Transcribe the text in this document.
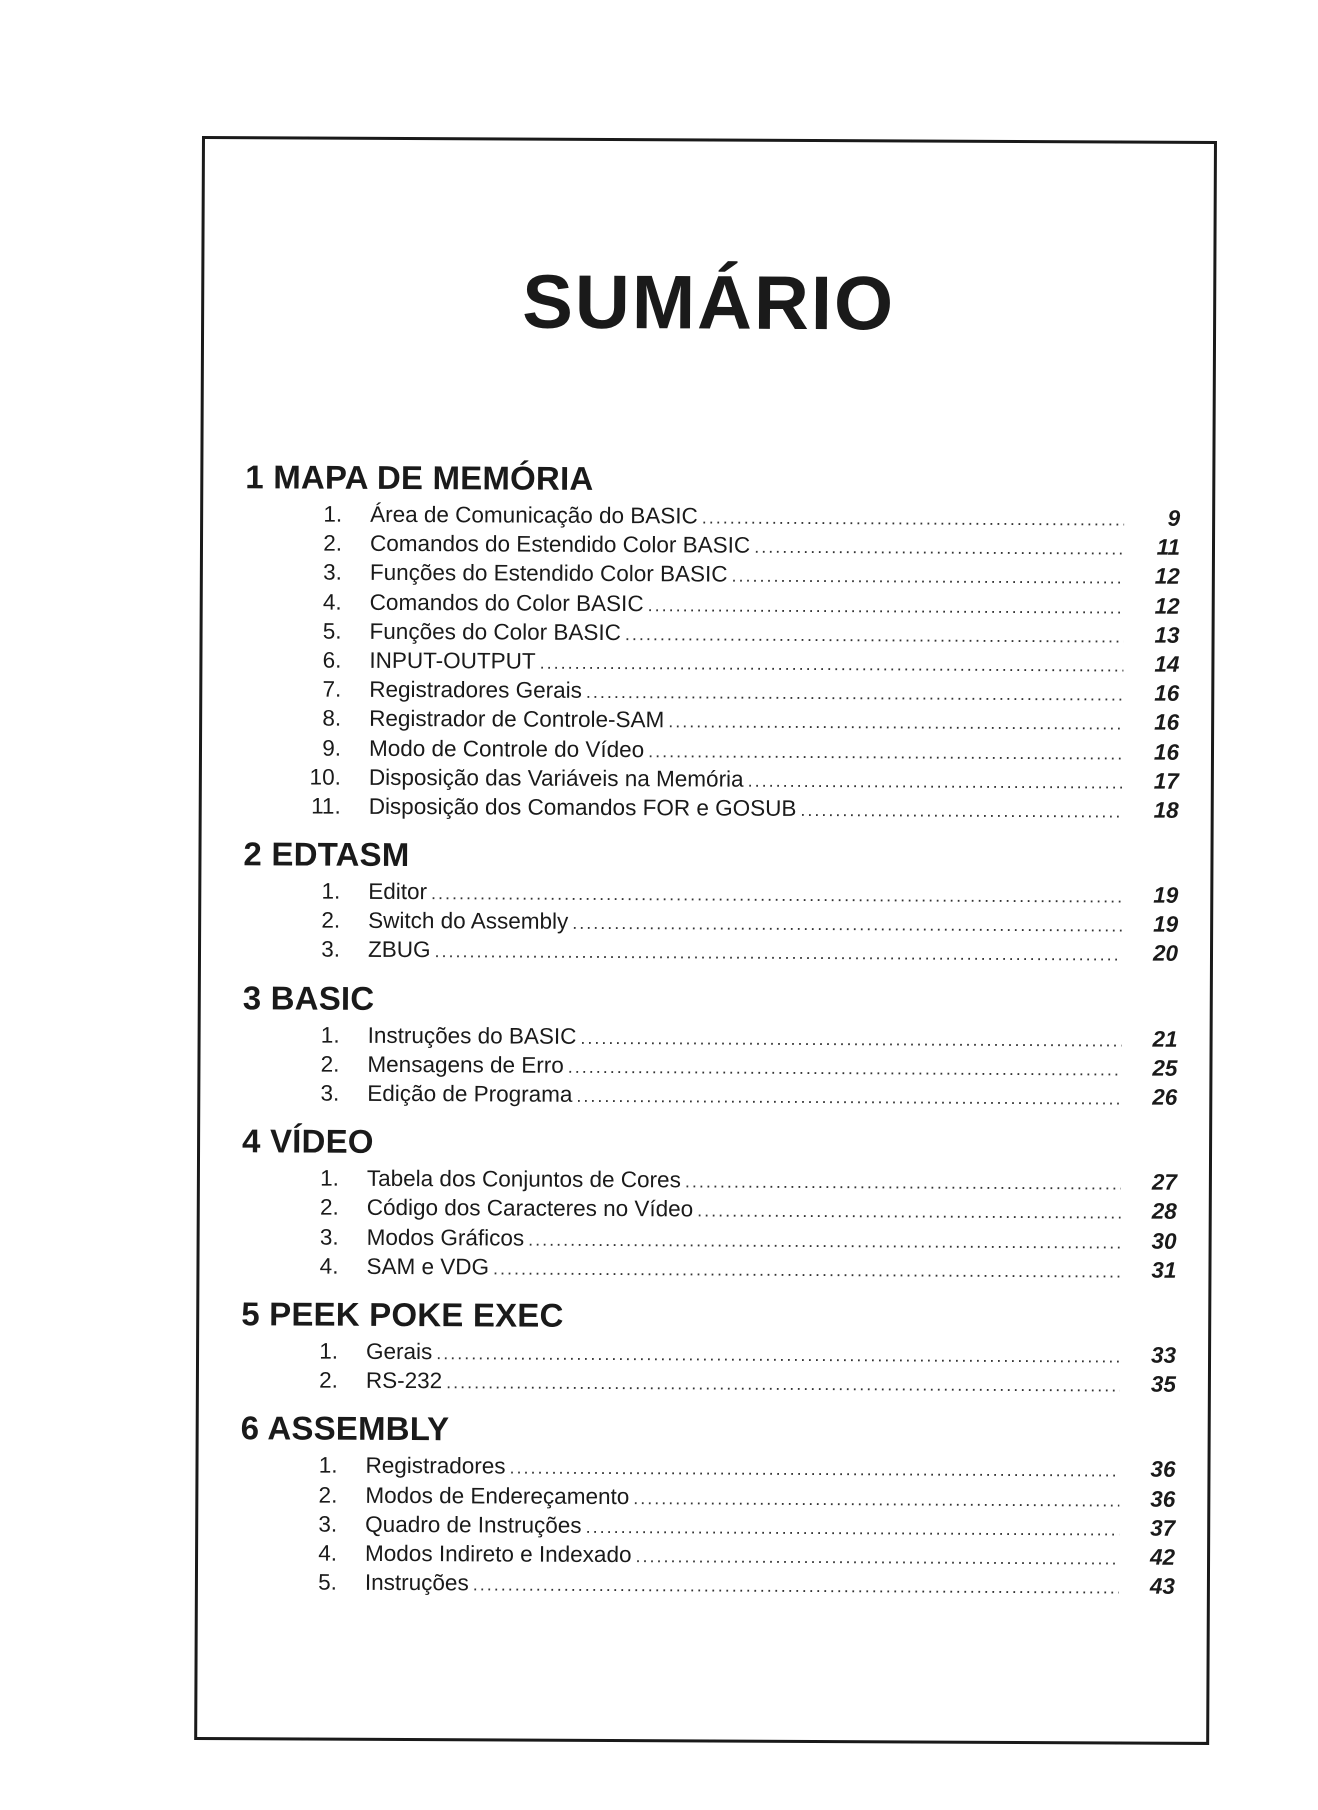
SUMÁRIO
1 MAPA DE MEMÓRIA
1.	Área de Comunicação do BASIC .....	9
2.	Comandos do Estendido Color BASIC .....	11
3.	Funções do Estendido Color BASIC .....	12
4.	Comandos do Color BASIC .....	12
5.	Funções do Color BASIC .....	13
6.	INPUT-OUTPUT .....	14
7.	Registradores Gerais .....	16
8.	Registrador de Controle-SAM .....	16
9.	Modo de Controle do Vídeo .....	16
10.	Disposição das Variáveis na Memória .....	17
11.	Disposição dos Comandos FOR e GOSUB .....	18
2 EDTASM
1.	Editor .....	19
2.	Switch do Assembly .....	19
3.	ZBUG .....	20
3 BASIC
1.	Instruções do BASIC .....	21
2.	Mensagens de Erro .....	25
3.	Edição de Programa .....	26
4 VÍDEO
1.	Tabela dos Conjuntos de Cores .....	27
2.	Código dos Caracteres no Vídeo .....	28
3.	Modos Gráficos .....	30
4.	SAM e VDG .....	31
5 PEEK POKE EXEC
1.	Gerais .....	33
2.	RS-232 .....	35
6 ASSEMBLY
1.	Registradores .....	36
2.	Modos de Endereçamento .....	36
3.	Quadro de Instruções .....	37
4.	Modos Indireto e Indexado .....	42
5.	Instruções .....	43
